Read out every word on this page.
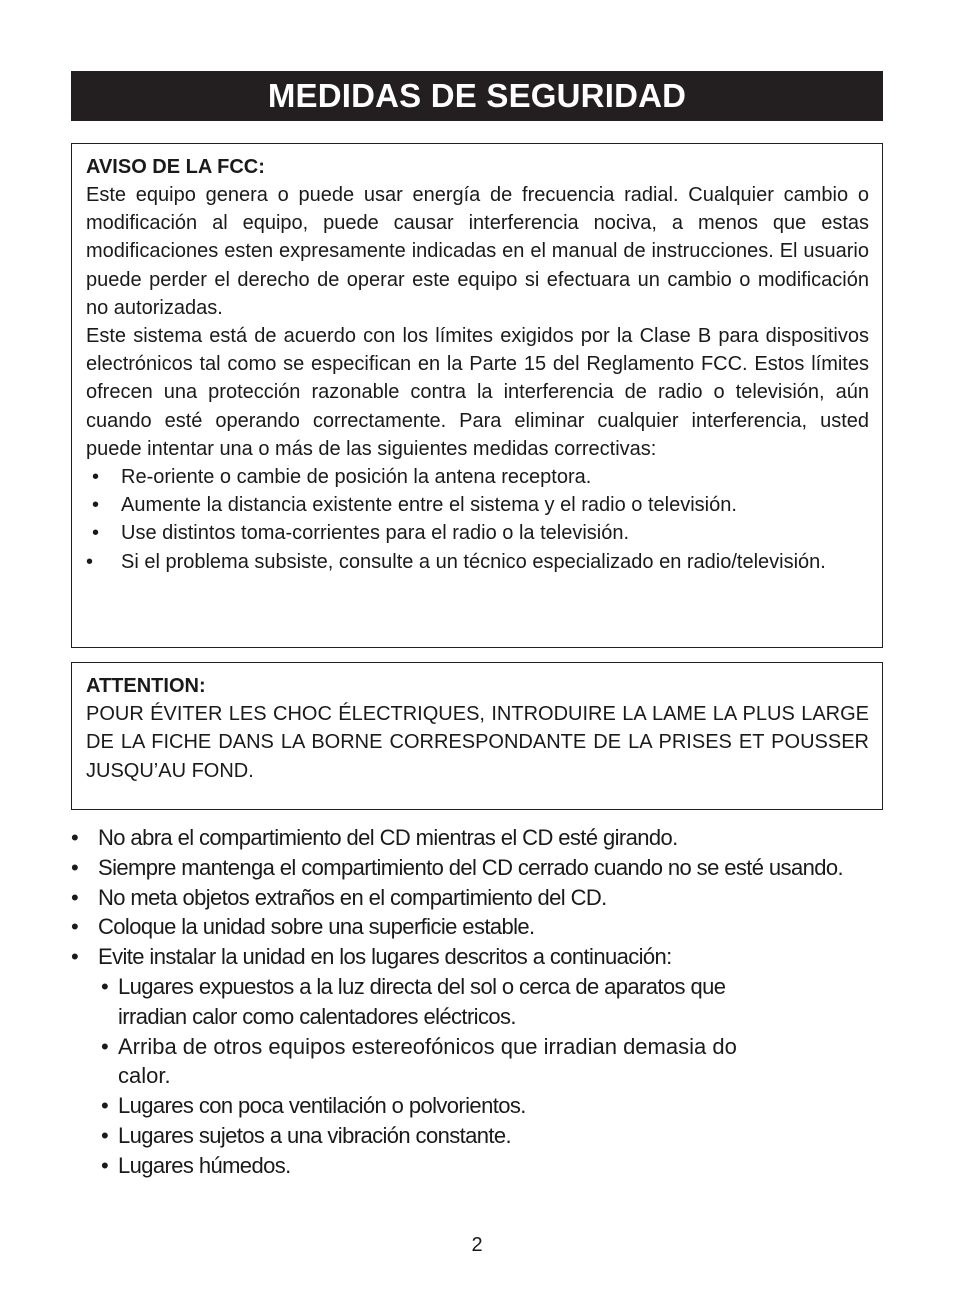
MEDIDAS DE SEGURIDAD
AVISO DE LA FCC:
Este equipo genera o puede usar energía de frecuencia radial. Cualquier cambio o modificación al equipo, puede causar interferencia nociva, a menos que estas modificaciones esten expresamente indicadas en el manual de instrucciones. El usuario puede perder el derecho de operar este equipo si efectuara un cambio o modificación no autorizadas.
Este sistema está de acuerdo con los límites exigidos por la Clase B para dispositivos electrónicos tal como se especifican en la Parte 15 del Reglamento FCC. Estos límites ofrecen una protección razonable contra la interferencia de radio o televisión, aún cuando esté operando correctamente. Para eliminar cualquier interferencia, usted puede intentar una o más de las siguientes medidas correctivas:
• Re-oriente o cambie de posición la antena receptora.
• Aumente la distancia existente entre el sistema y el radio o televisión.
• Use distintos toma-corrientes para el radio o la televisión.
• Si el problema subsiste, consulte a un técnico especializado en radio/televisión.
ATTENTION:
POUR ÉVITER LES CHOC ÉLECTRIQUES, INTRODUIRE LA LAME LA PLUS LARGE DE LA FICHE DANS LA BORNE CORRESPONDANTE DE LA PRISES ET POUSSER JUSQU’AU FOND.
• No abra el compartimiento del CD mientras el CD esté girando.
• Siempre mantenga el compartimiento del CD cerrado cuando no se esté usando.
• No meta objetos extraños en el compartimiento del CD.
• Coloque la unidad sobre una superficie estable.
• Evite instalar la unidad en los lugares descritos a continuación:
• Lugares expuestos a la luz directa del sol o cerca de aparatos que irradian calor como calentadores eléctricos.
• Arriba de otros equipos estereofónicos que irradian demasia do calor.
• Lugares con poca ventilación o polvorientos.
• Lugares sujetos a una vibración constante.
• Lugares húmedos.
2
